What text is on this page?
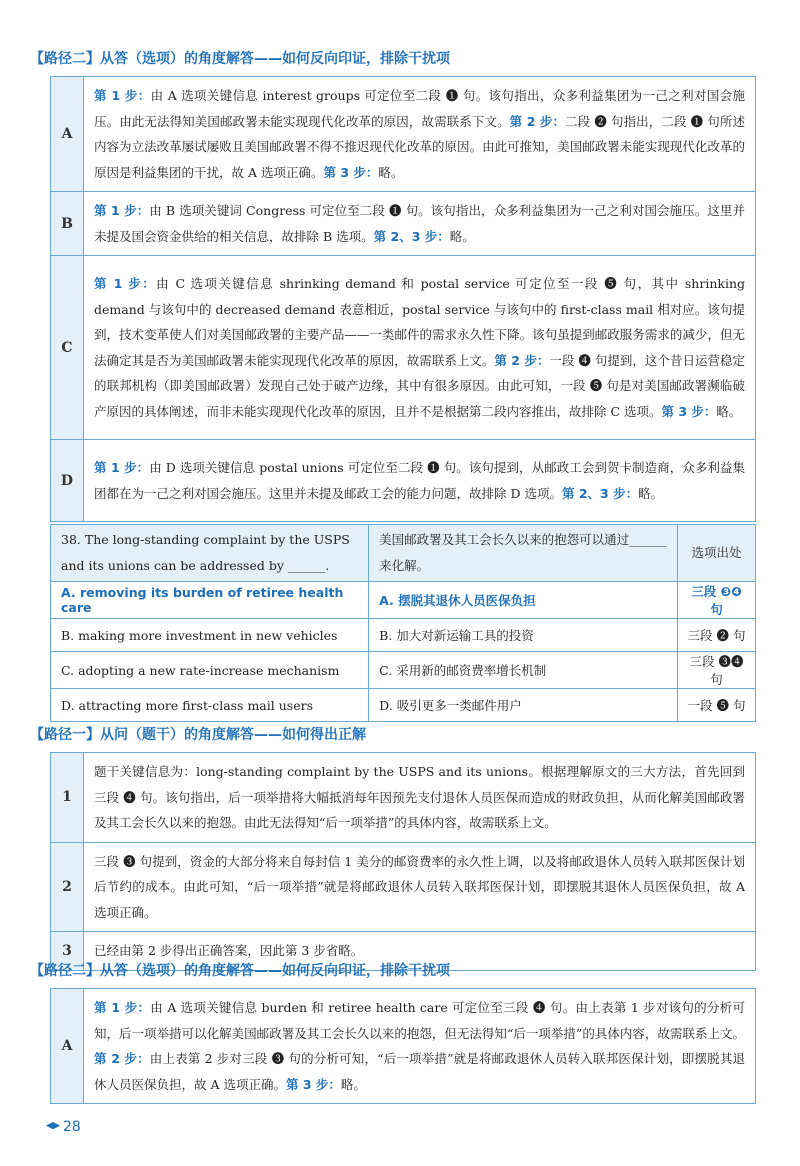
【路径二】从答（选项）的角度解答——如何反向印证，排除干扰项
A	第 1 步：由 A 选项关键信息 interest groups 可定位至二段 ❶ 句。该句指出，众多利益集团为一己之利对国会施压。由此无法得知美国邮政署未能实现现代化改革的原因，故需联系下文。第 2 步：二段 ❷ 句指出，二段 ❶ 句所述内容为立法改革屡试屡败且美国邮政署不得不推迟现代化改革的原因。由此可推知，美国邮政署未能实现现代化改革的原因是利益集团的干扰，故 A 选项正确。第 3 步：略。
B	第 1 步：由 B 选项关键词 Congress 可定位至二段 ❶ 句。该句指出，众多利益集团为一己之利对国会施压。这里并未提及国会资金供给的相关信息，故排除 B 选项。第 2、3 步：略。
C	第 1 步：由 C 选项关键信息 shrinking demand 和 postal service 可定位至一段 ❺ 句，其中 shrinking demand 与该句中的 decreased demand 表意相近，postal service 与该句中的 first-class mail 相对应。该句提到，技术变革使人们对美国邮政署的主要产品——一类邮件的需求永久性下降。该句虽提到邮政服务需求的减少，但无法确定其是否为美国邮政署未能实现现代化改革的原因，故需联系上文。第 2 步：一段 ❹ 句提到，这个昔日运营稳定的联邦机构（即美国邮政署）发现自己处于破产边缘，其中有很多原因。由此可知，一段 ❺ 句是对美国邮政署濒临破产原因的具体阐述，而非未能实现现代化改革的原因，且并不是根据第二段内容推出，故排除 C 选项。第 3 步：略。
D	第 1 步：由 D 选项关键信息 postal unions 可定位至二段 ❶ 句。该句提到，从邮政工会到贺卡制造商，众多利益集团都在为一己之利对国会施压。这里并未提及邮政工会的能力问题，故排除 D 选项。第 2、3 步：略。
38. The long-standing complaint by the USPS and its unions can be addressed by ______.	美国邮政署及其工会长久以来的抱怨可以通过______来化解。	选项出处
A. removing its burden of retiree health care	A. 摆脱其退休人员医保负担	三段 ❸❹ 句
B. making more investment in new vehicles	B. 加大对新运输工具的投资	三段 ❷ 句
C. adopting a new rate-increase mechanism	C. 采用新的邮资费率增长机制	三段 ❸❹ 句
D. attracting more first-class mail users	D. 吸引更多一类邮件用户	一段 ❺ 句
【路径一】从问（题干）的角度解答——如何得出正解
1	题干关键信息为：long-standing complaint by the USPS and its unions。根据理解原文的三大方法，首先回到三段 ❹ 句。该句指出，后一项举措将大幅抵消每年因预先支付退休人员医保而造成的财政负担，从而化解美国邮政署及其工会长久以来的抱怨。由此无法得知“后一项举措”的具体内容，故需联系上文。
2	三段 ❸ 句提到，资金的大部分将来自每封信 1 美分的邮资费率的永久性上调，以及将邮政退休人员转入联邦医保计划后节约的成本。由此可知，“后一项举措”就是将邮政退休人员转入联邦医保计划，即摆脱其退休人员医保负担，故 A 选项正确。
3	已经由第 2 步得出正确答案，因此第 3 步省略。
【路径二】从答（选项）的角度解答——如何反向印证，排除干扰项
A	第 1 步：由 A 选项关键信息 burden 和 retiree health care 可定位至三段 ❹ 句。由上表第 1 步对该句的分析可知，后一项举措可以化解美国邮政署及其工会长久以来的抱怨，但无法得知“后一项举措”的具体内容，故需联系上文。第 2 步：由上表第 2 步对三段 ❸ 句的分析可知，“后一项举措”就是将邮政退休人员转入联邦医保计划，即摆脱其退休人员医保负担，故 A 选项正确。第 3 步：略。
28
